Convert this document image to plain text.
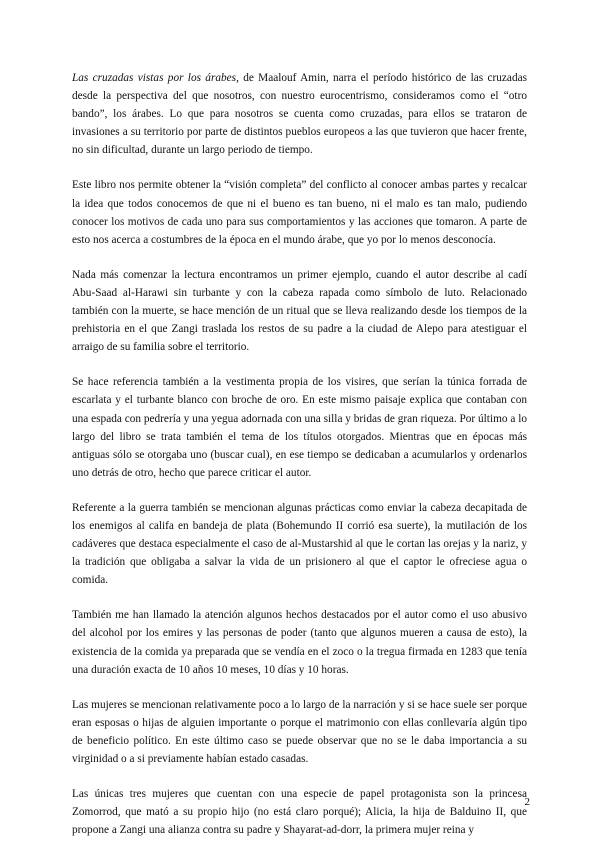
Las cruzadas vistas por los árabes, de Maalouf Amin, narra el período histórico de las cruzadas desde la perspectiva del que nosotros, con nuestro eurocentrismo, consideramos como el “otro bando”, los árabes. Lo que para nosotros se cuenta como cruzadas, para ellos se trataron de invasiones a su territorio por parte de distintos pueblos europeos a las que tuvieron que hacer frente, no sin dificultad, durante un largo periodo de tiempo.

Este libro nos permite obtener la “visión completa” del conflicto al conocer ambas partes y recalcar la idea que todos conocemos de que ni el bueno es tan bueno, ni el malo es tan malo, pudiendo conocer los motivos de cada uno para sus comportamientos y las acciones que tomaron. A parte de esto nos acerca a costumbres de la época en el mundo árabe, que yo por lo menos desconocía.

Nada más comenzar la lectura encontramos un primer ejemplo, cuando el autor describe al cadí Abu-Saad al-Harawi sin turbante y con la cabeza rapada como símbolo de luto. Relacionado también con la muerte, se hace mención de un ritual que se lleva realizando desde los tiempos de la prehistoria en el que Zangi traslada los restos de su padre a la ciudad de Alepo para atestiguar el arraigo de su familia sobre el territorio.

Se hace referencia también a la vestimenta propia de los visires, que serían la túnica forrada de escarlata y el turbante blanco con broche de oro. En este mismo paisaje explica que contaban con una espada con pedrería y una yegua adornada con una silla y bridas de gran riqueza. Por último a lo largo del libro se trata también el tema de los títulos otorgados. Mientras que en épocas más antiguas sólo se otorgaba uno (buscar cual), en ese tiempo se dedicaban a acumularlos y ordenarlos uno detrás de otro, hecho que parece criticar el autor.

Referente a la guerra también se mencionan algunas prácticas como enviar la cabeza decapitada de los enemigos al califa en bandeja de plata (Bohemundo II corrió esa suerte), la mutilación de los cadáveres que destaca especialmente el caso de al-Mustarshid al que le cortan las orejas y la nariz, y la tradición que obligaba a salvar la vida de un prisionero al que el captor le ofreciese agua o comida.

También me han llamado la atención algunos hechos destacados por el autor como el uso abusivo del alcohol por los emires y las personas de poder (tanto que algunos mueren a causa de esto), la existencia de la comida ya preparada que se vendía en el zoco o la tregua firmada en 1283 que tenía una duración exacta de 10 años 10 meses, 10 días y 10 horas.

Las mujeres se mencionan relativamente poco a lo largo de la narración y si se hace suele ser porque eran esposas o hijas de alguien importante o porque el matrimonio con ellas conllevaría algún tipo de beneficio político. En este último caso se puede observar que no se le daba importancia a su virginidad o a si previamente habían estado casadas.

Las únicas tres mujeres que cuentan con una especie de papel protagonista son la princesa Zomorrod, que mató a su propio hijo (no está claro porqué); Alicia, la hija de Balduino II, que propone a Zangi una alianza contra su padre y Shayarat-ad-dorr, la primera mujer reina y

2
